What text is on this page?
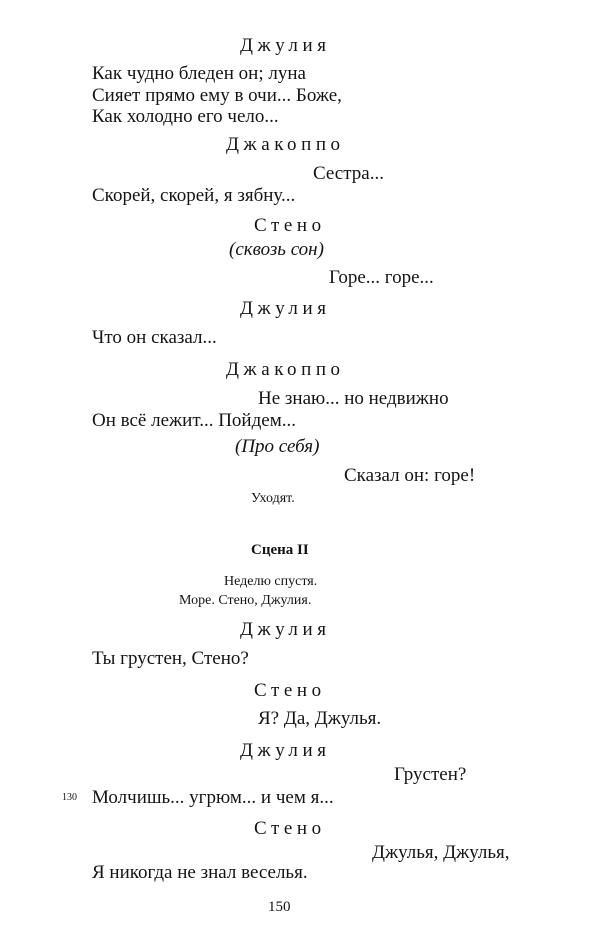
Джулия
Как чудно бледен он; луна
Сияет прямо ему в очи... Боже,
Как холодно его чело...
Джакоппо
Сестра...
Скорей, скорей, я зябну...
Стено
(сквозь сон)
Горе... горе...
Джулия
Что он сказал...
Джакоппо
Не знаю... но недвижно
Он всё лежит... Пойдем...
(Про себя)
Сказал он: горе!
Уходят.
Сцена II
Неделю спустя.
Море. Стено, Джулия.
Джулия
Ты грустен, Стено?
Стено
Я? Да, Джулья.
Джулия
Грустен?
130 Молчишь... угрюм... и чем я...
Стено
Джулья, Джулья,
Я никогда не знал веселья.
150
